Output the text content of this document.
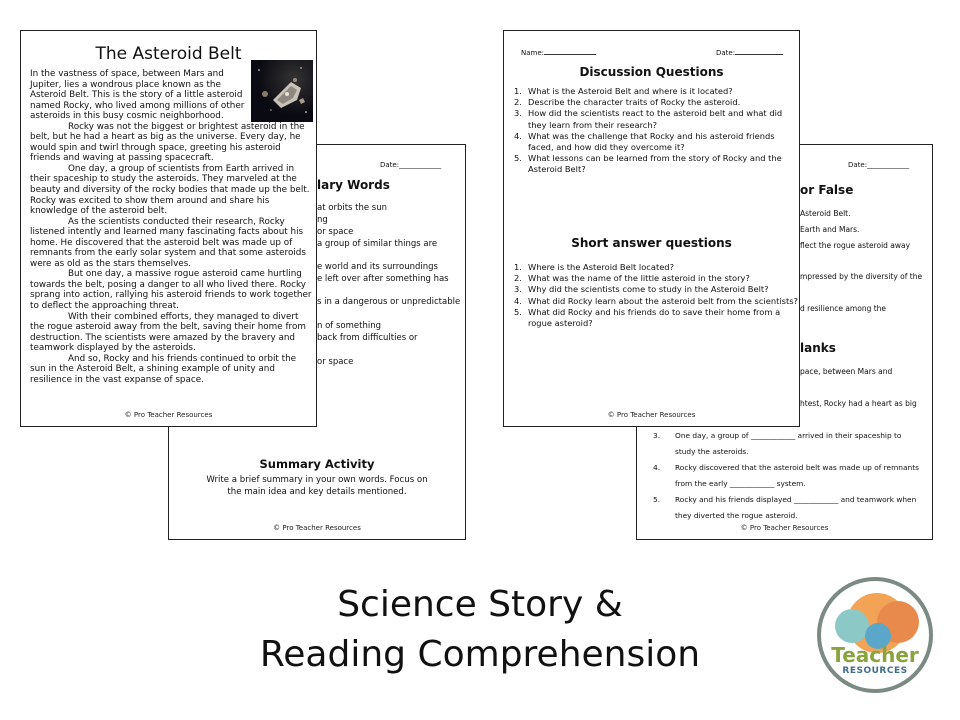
Date:____________
lary Words
at orbits the sun
ng
or space
a group of similar things are
e world and its surroundings
e left over after something has
s in a dangerous or unpredictable
n of something
back from difficulties or
or space
Summary Activity
Write a brief summary in your own words. Focus on the main idea and key details mentioned.
© Pro Teacher Resources
The Asteroid Belt

In the vastness of space, between Mars and Jupiter, lies a wondrous place known as the Asteroid Belt. This is the story of a little asteroid named Rocky, who lived among millions of other asteroids in this busy cosmic neighborhood.

Rocky was not the biggest or brightest asteroid in the belt, but he had a heart as big as the universe. Every day, he would spin and twirl through space, greeting his asteroid friends and waving at passing spacecraft.

One day, a group of scientists from Earth arrived in their spaceship to study the asteroids. They marveled at the beauty and diversity of the rocky bodies that made up the belt. Rocky was excited to show them around and share his knowledge of the asteroid belt.

As the scientists conducted their research, Rocky listened intently and learned many fascinating facts about his home. He discovered that the asteroid belt was made up of remnants from the early solar system and that some asteroids were as old as the stars themselves.

But one day, a massive rogue asteroid came hurtling towards the belt, posing a danger to all who lived there. Rocky sprang into action, rallying his asteroid friends to work together to deflect the approaching threat.

With their combined efforts, they managed to divert the rogue asteroid away from the belt, saving their home from destruction. The scientists were amazed by the bravery and teamwork displayed by the asteroids.

And so, Rocky and his friends continued to orbit the sun in the Asteroid Belt, a shining example of unity and resilience in the vast expanse of space.

© Pro Teacher Resources
Date:____________
or False
Asteroid Belt.
Earth and Mars.
flect the rogue asteroid away
mpressed by the diversity of the
d resilience among the
lanks
pace, between Mars and
htest, Rocky had a heart as big
3. One day, a group of ____________ arrived in their spaceship to study the asteroids.
4. Rocky discovered that the asteroid belt was made up of remnants from the early ____________ system.
5. Rocky and his friends displayed ____________ and teamwork when they diverted the rogue asteroid.
© Pro Teacher Resources
Name:	Date:
Discussion Questions
1. What is the Asteroid Belt and where is it located?
2. Describe the character traits of Rocky the asteroid.
3. How did the scientists react to the asteroid belt and what did they learn from their research?
4. What was the challenge that Rocky and his asteroid friends faced, and how did they overcome it?
5. What lessons can be learned from the story of Rocky and the Asteroid Belt?
Short answer questions
1. Where is the Asteroid Belt located?
2. What was the name of the little asteroid in the story?
3. Why did the scientists come to study in the Asteroid Belt?
4. What did Rocky learn about the asteroid belt from the scientists?
5. What did Rocky and his friends do to save their home from a rogue asteroid?
© Pro Teacher Resources
Science Story &
Reading Comprehension	Teacher
RESOURCES
